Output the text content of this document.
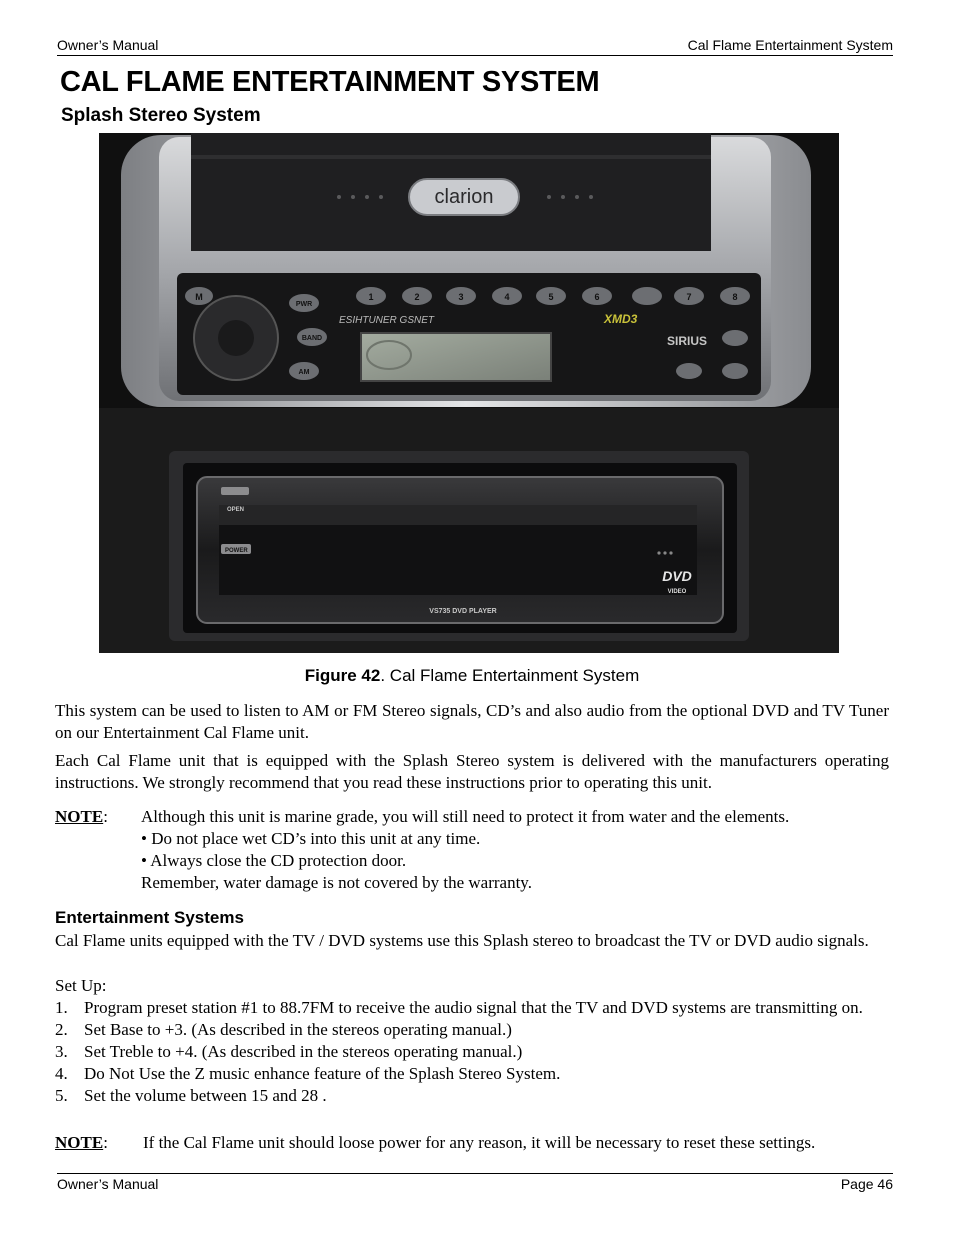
Owner’s Manual	Cal Flame Entertainment System
CAL FLAME ENTERTAINMENT SYSTEM
Splash Stereo System
clarion
M
PWR
BAND
AM
1	2	3	4	5	6	7	8
ESIHTUNER GSNET	XMD3
SIRIUS
OPEN
POWER
DVD
VIDEO
VS735 DVD PLAYER
Figure 42. Cal Flame Entertainment System

This system can be used to listen to AM or FM Stereo signals, CD’s and also audio from the optional DVD and TV Tuner on our Entertainment Cal Flame unit.

Each Cal Flame unit that is equipped with the Splash Stereo system is delivered with the manufacturers operating instructions. We strongly recommend that you read these instructions prior to operating this unit.

NOTE: Although this unit is marine grade, you will still need to protect it from water and the elements.
• Do not place wet CD’s into this unit at any time.
• Always close the CD protection door.
Remember, water damage is not covered by the warranty.
Entertainment Systems

Cal Flame units equipped with the TV / DVD systems use this Splash stereo to broadcast the TV or DVD audio signals.

Set Up:

1. Program preset station #1 to 88.7FM to receive the audio signal that the TV and DVD systems are transmitting on.
2. Set Base to +3. (As described in the stereos operating manual.)
3. Set Treble to +4. (As described in the stereos operating manual.)
4. Do Not Use the Z music enhance feature of the Splash Stereo System.
5. Set the volume between 15 and 28 .
NOTE: If the Cal Flame unit should loose power for any reason, it will be necessary to reset these settings.
Owner’s Manual	Page 46
